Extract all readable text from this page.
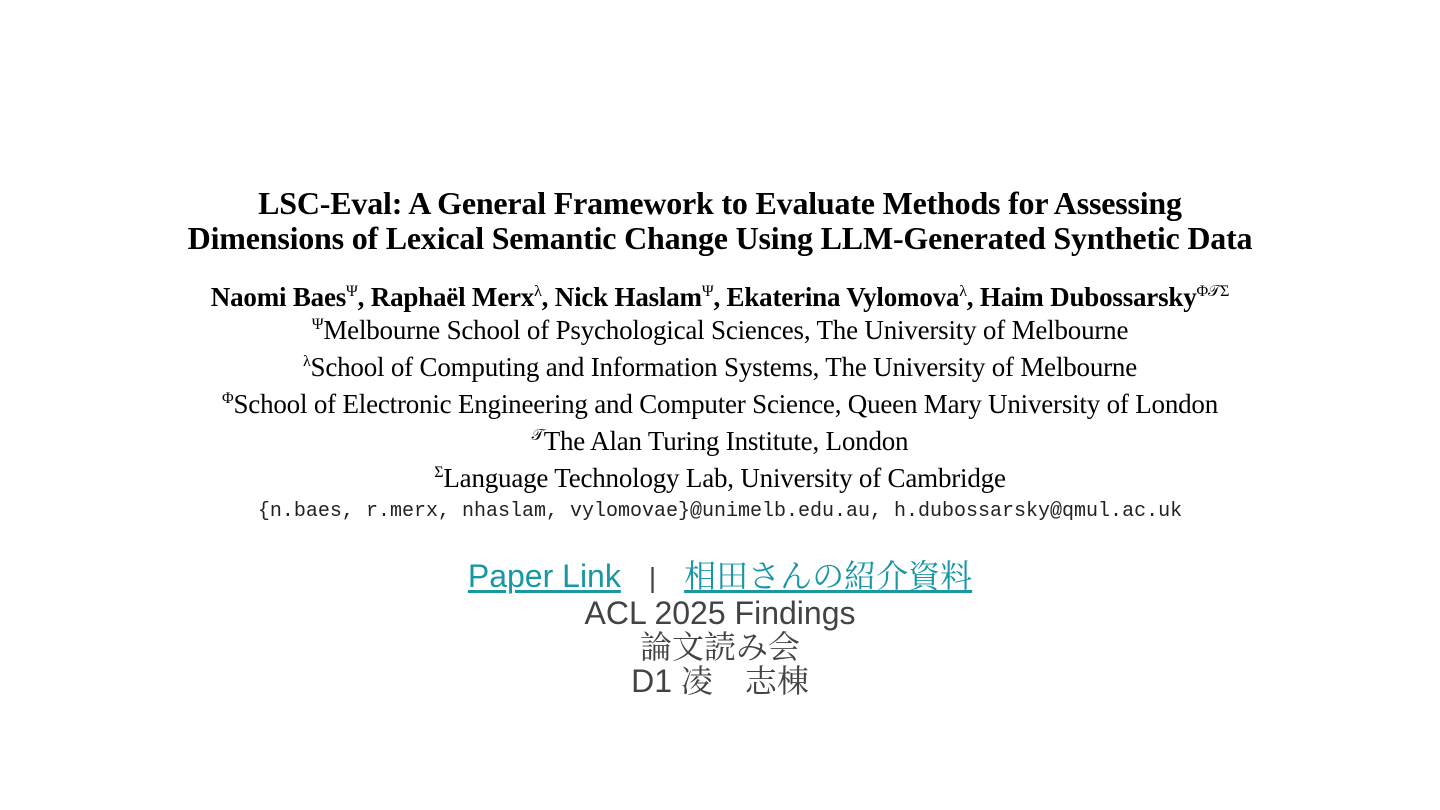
LSC-Eval: A General Framework to Evaluate Methods for Assessing
Dimensions of Lexical Semantic Change Using LLM-Generated Synthetic Data
Naomi Baes$^\Psi$, Raphaël Merx$^\lambda$, Nick Haslam$^\Psi$, Ekaterina Vylomova$^\lambda$, Haim Dubossarsky$^{\Phi 𝒯\Sigma}$
$^\Psi$Melbourne School of Psychological Sciences, The University of Melbourne
$^\lambda$School of Computing and Information Systems, The University of Melbourne
$^\Phi$School of Electronic Engineering and Computer Science, Queen Mary University of London
$^𝒯$The Alan Turing Institute, London
$^\Sigma$Language Technology Lab, University of Cambridge
{n.baes, r.merx, nhaslam, vylomovae}@unimelb.edu.au, h.dubossarsky@qmul.ac.uk
Paper Link | 相田さんの紹介資料
ACL 2025 Findings
論文読み会
D1 凌　志棟
